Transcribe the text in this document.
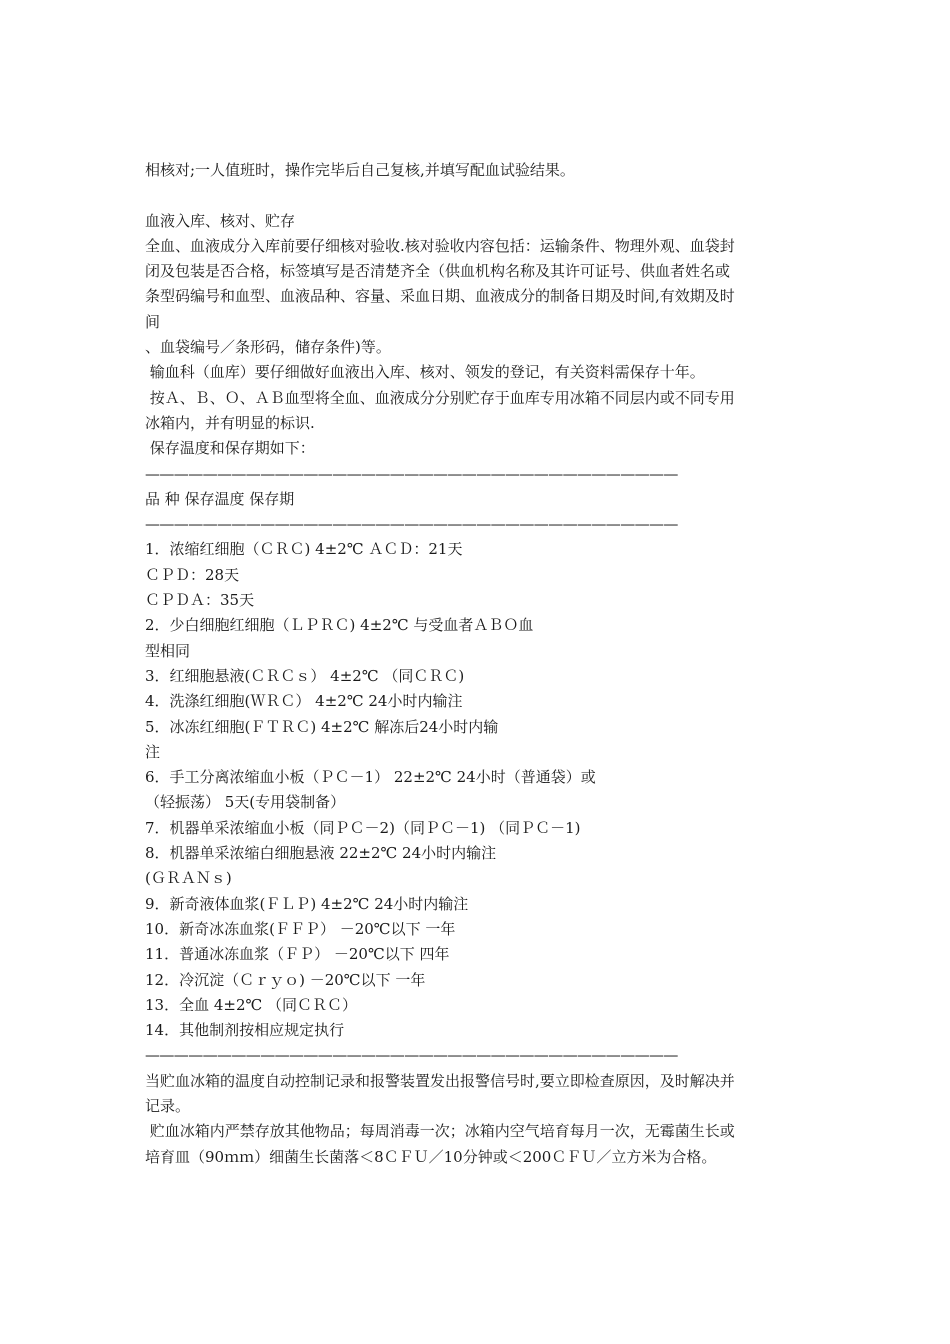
相核对;一人值班时，操作完毕后自己复核,并填写配血试验结果。
血液入库、核对、贮存
全血、血液成分入库前要仔细核对验收.核对验收内容包括：运输条件、物理外观、血袋封
闭及包装是否合格，标签填写是否清楚齐全（供血机构名称及其许可证号、供血者姓名或
条型码编号和血型、血液品种、容量、采血日期、血液成分的制备日期及时间,有效期及时
间
、血袋编号／条形码，储存条件)等。
输血科（血库）要仔细做好血液出入库、核对、领发的登记，有关资料需保存十年。
按Ａ、Ｂ、Ｏ、ＡＢ血型将全血、血液成分分别贮存于血库专用冰箱不同层内或不同专用
冰箱内，并有明显的标识.
保存温度和保存期如下：
—————————————————————————————————————
品 种 保存温度 保存期
—————————————————————————————————————
1．浓缩红细胞（ＣＲＣ) 4±2℃ ＡＣＤ：21天
ＣＰＤ：28天
ＣＰＤＡ：35天
2．少白细胞红细胞（ＬＰＲＣ) 4±2℃ 与受血者ＡＢＯ血
型相同
3．红细胞悬液(ＣＲＣｓ） 4±2℃ （同ＣＲＣ)
4．洗涤红细胞(ＷＲＣ） 4±2℃ 24小时内输注
5．冰冻红细胞(ＦＴＲＣ) 4±2℃ 解冻后24小时内输
注
6．手工分离浓缩血小板（ＰＣ－1） 22±2℃ 24小时（普通袋）或
（轻振荡） 5天(专用袋制备）
7．机器单采浓缩血小板（同ＰＣ－2)（同ＰＣ－1) （同ＰＣ－1)
8．机器单采浓缩白细胞悬液 22±2℃ 24小时内输注
(ＧＲＡＮｓ)
9．新奇液体血浆(ＦＬＰ) 4±2℃ 24小时内输注
10．新奇冰冻血浆(ＦＦＰ） －20℃以下 一年
11．普通冰冻血浆（ＦＰ） －20℃以下 四年
12．冷沉淀（Ｃｒｙｏ) －20℃以下 一年
13．全血 4±2℃ （同ＣＲＣ）
14．其他制剂按相应规定执行
—————————————————————————————————————
当贮血冰箱的温度自动控制记录和报警装置发出报警信号时,要立即检查原因，及时解决并
记录。
贮血冰箱内严禁存放其他物品；每周消毒一次；冰箱内空气培育每月一次，无霉菌生长或
培育皿（90ｍｍ）细菌生长菌落＜8ＣＦＵ／10分钟或＜200ＣＦＵ／立方米为合格。
